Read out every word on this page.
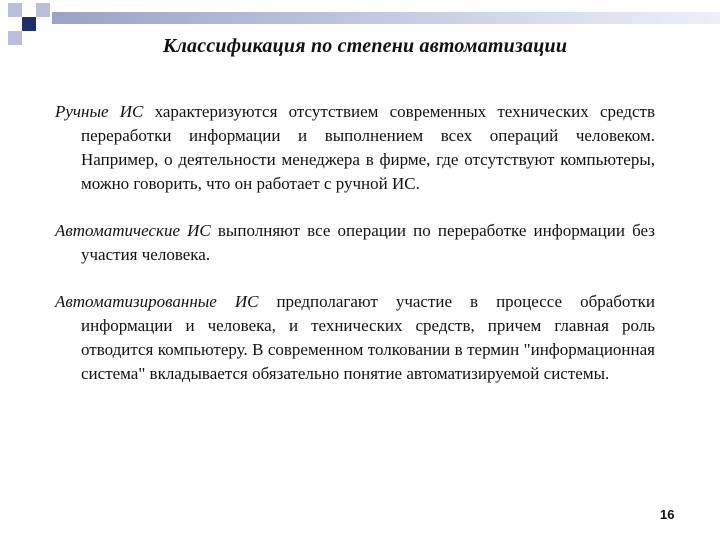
Классификация по степени автоматизации

Ручные ИС характеризуются отсутствием современных технических средств переработки информации и выполнением всех операций человеком. Например, о деятельности менеджера в фирме, где отсутствуют компьютеры, можно говорить, что он работает с ручной ИС.

Автоматические ИС выполняют все операции по переработке информации без участия человека.

Автоматизированные ИС предполагают участие в процессе обработки информации и человека, и технических средств, причем главная роль отводится компьютеру. В современном толковании в термин "информационная система" вкладывается обязательно понятие автоматизируемой системы.

16
